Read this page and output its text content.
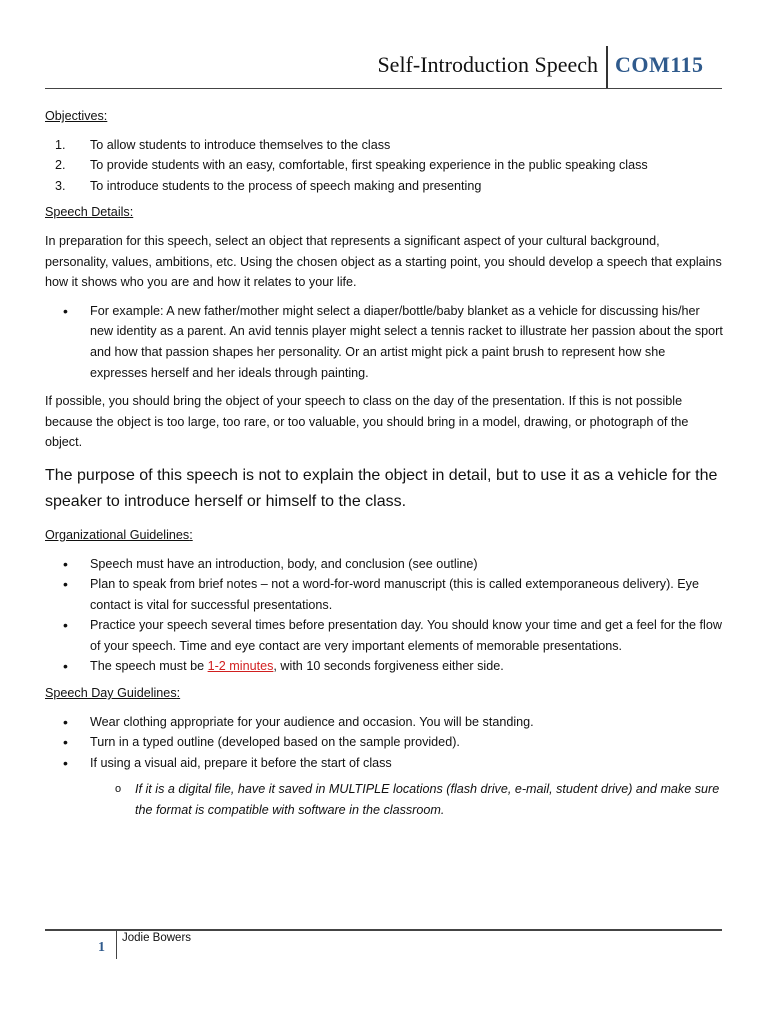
Self-Introduction Speech COM115
Objectives:
1. To allow students to introduce themselves to the class
2. To provide students with an easy, comfortable, first speaking experience in the public speaking class
3. To introduce students to the process of speech making and presenting
Speech Details:

In preparation for this speech, select an object that represents a significant aspect of your cultural background, personality, values, ambitions, etc. Using the chosen object as a starting point, you should develop a speech that explains how it shows who you are and how it relates to your life.

• For example: A new father/mother might select a diaper/bottle/baby blanket as a vehicle for discussing his/her new identity as a parent. An avid tennis player might select a tennis racket to illustrate her passion about the sport and how that passion shapes her personality. Or an artist might pick a paint brush to represent how she expresses herself and her ideals through painting.

If possible, you should bring the object of your speech to class on the day of the presentation. If this is not possible because the object is too large, too rare, or too valuable, you should bring in a model, drawing, or photograph of the object.

The purpose of this speech is not to explain the object in detail, but to use it as a vehicle for the speaker to introduce herself or himself to the class.

Organizational Guidelines:
• Speech must have an introduction, body, and conclusion (see outline)
• Plan to speak from brief notes – not a word-for-word manuscript (this is called extemporaneous delivery). Eye contact is vital for successful presentations.
• Practice your speech several times before presentation day. You should know your time and get a feel for the flow of your speech. Time and eye contact are very important elements of memorable presentations.
• The speech must be 1-2 minutes, with 10 seconds forgiveness either side.
Speech Day Guidelines:
• Wear clothing appropriate for your audience and occasion. You will be standing.
• Turn in a typed outline (developed based on the sample provided).
• If using a visual aid, prepare it before the start of class
o If it is a digital file, have it saved in MULTIPLE locations (flash drive, e-mail, student drive) and make sure the format is compatible with software in the classroom.
1
Jodie Bowers
